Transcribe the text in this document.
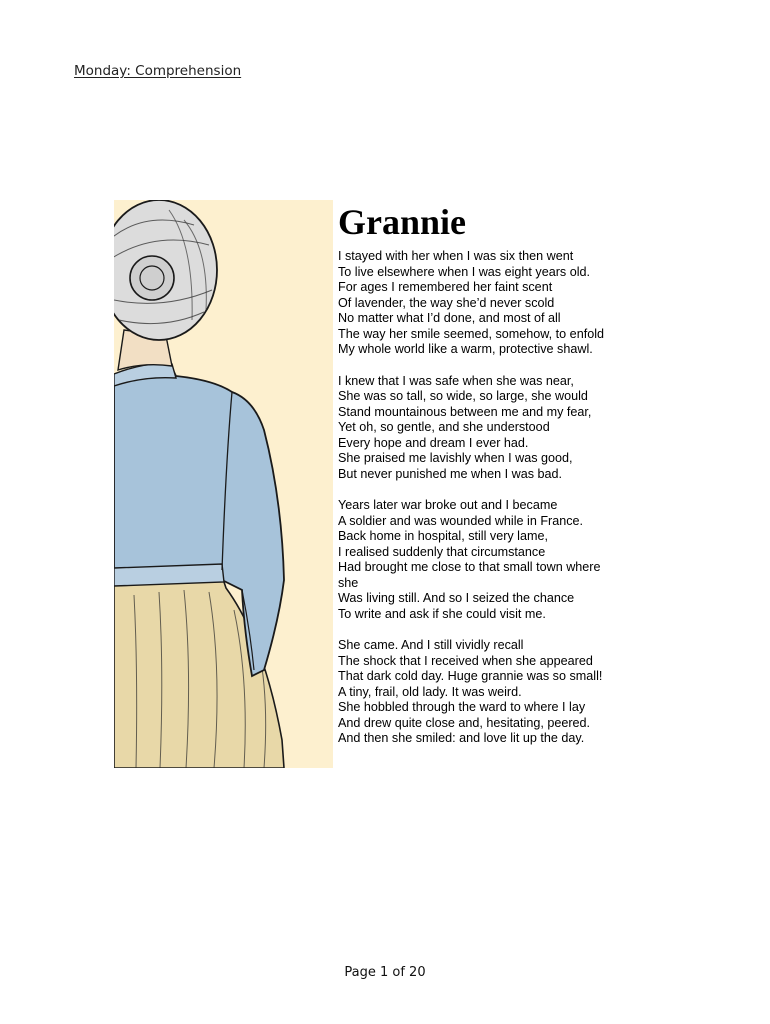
Monday: Comprehension
Grannie
I stayed with her when I was six then went
To live elsewhere when I was eight years old.
For ages I remembered her faint scent
Of lavender, the way she’d never scold
No matter what I’d done, and most of all
The way her smile seemed, somehow, to enfold
My whole world like a warm, protective shawl.
I knew that I was safe when she was near,
She was so tall, so wide, so large, she would
Stand mountainous between me and my fear,
Yet oh, so gentle, and she understood
Every hope and dream I ever had.
She praised me lavishly when I was good,
But never punished me when I was bad.
Years later war broke out and I became
A soldier and was wounded while in France.
Back home in hospital, still very lame,
I realised suddenly that circumstance
Had brought me close to that small town where
she
Was living still. And so I seized the chance
To write and ask if she could visit me.
She came. And I still vividly recall
The shock that I received when she appeared
That dark cold day. Huge grannie was so small!
A tiny, frail, old lady. It was weird.
She hobbled through the ward to where I lay
And drew quite close and, hesitating, peered.
And then she smiled: and love lit up the day.
Page 1 of 20
